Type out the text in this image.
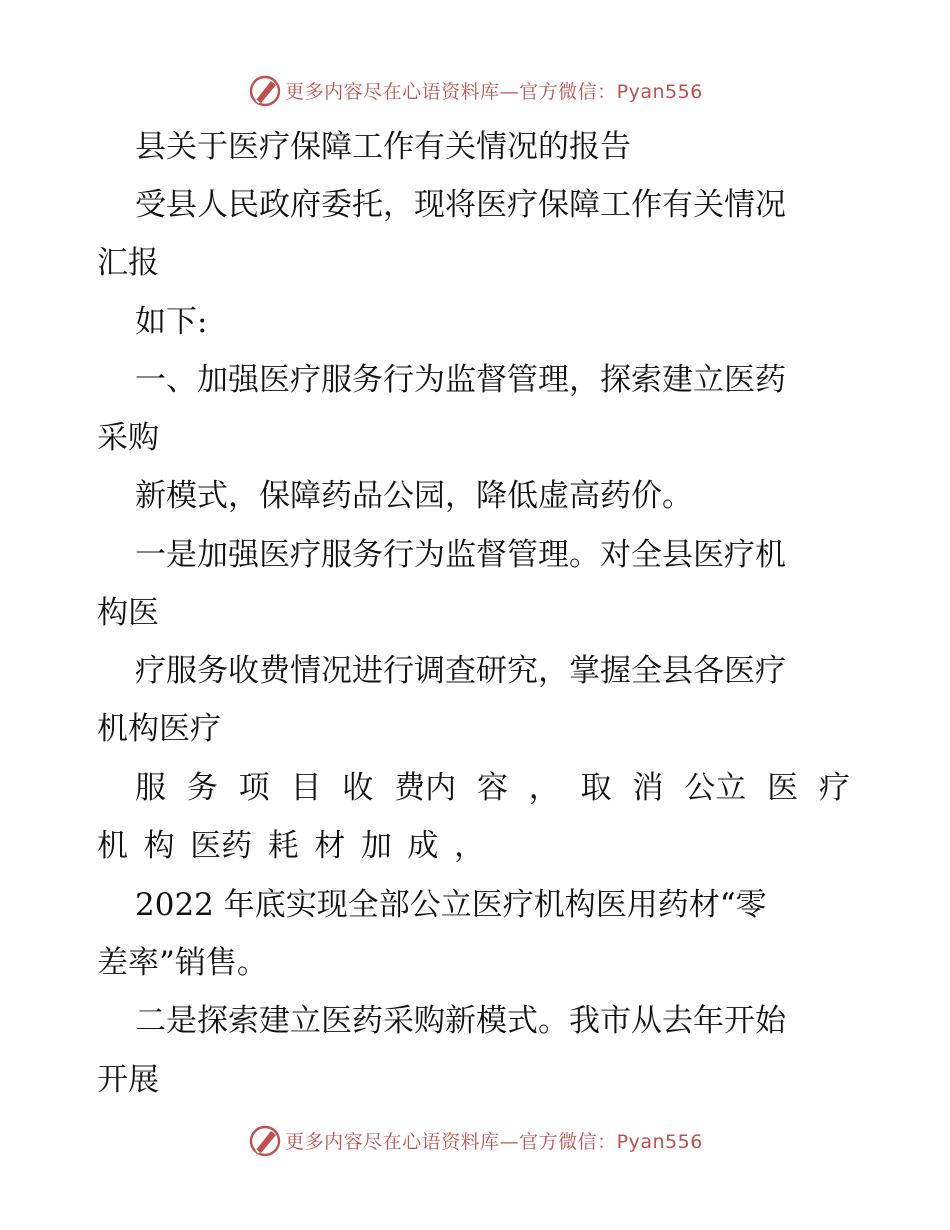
更多内容尽在心语资料库—官方微信：Pyan556
县关于医疗保障工作有关情况的报告
受县人民政府委托，现将医疗保障工作有关情况
汇报
如下:
一、加强医疗服务行为监督管理，探索建立医药
采购
新模式，保障药品公园，降低虚高药价。
一是加强医疗服务行为监督管理。对全县医疗机
构医
疗服务收费情况进行调查研究，掌握全县各医疗
机构医疗
服 务 项 目 收 费内 容 ， 取 消 公立 医 疗
机 构 医药 耗 材 加 成 ，
2022 年底实现全部公立医疗机构医用药材“零
差率”销售。
二是探索建立医药采购新模式。我市从去年开始
开展
更多内容尽在心语资料库—官方微信：Pyan556
